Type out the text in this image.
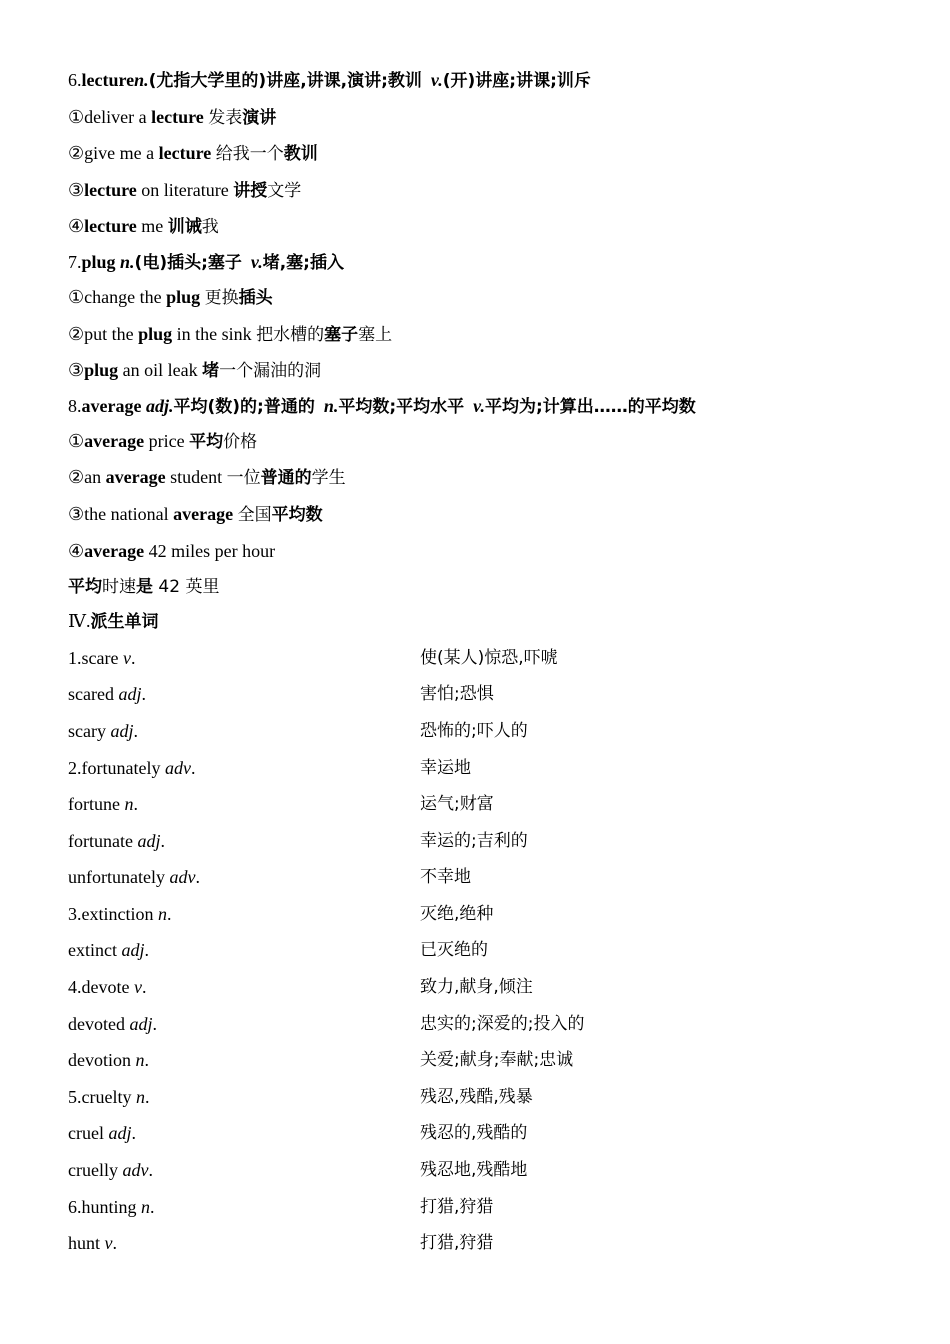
6.lecturen.(尤指大学里的)讲座,讲课,演讲;教训 v.(开)讲座;讲课;训斥
①deliver a lecture 发表演讲
②give me a lecture 给我一个教训
③lecture on literature 讲授文学
④lecture me 训诫我
7.plug n.(电)插头;塞子 v.堵,塞;插入
①change the plug 更换插头
②put the plug in the sink 把水槽的塞子塞上
③plug an oil leak 堵一个漏油的洞
8.average adj.平均(数)的;普通的 n.平均数;平均水平 v.平均为;计算出……的平均数
①average price 平均价格
②an average student 一位普通的学生
③the national average 全国平均数
④average 42 miles per hour
平均时速是 42 英里
Ⅳ.派生单词
1.scare v.	使(某人)惊恐,吓唬
scared adj.	害怕;恐惧
scary adj.	恐怖的;吓人的
2.fortunately adv.	幸运地
fortune n.	运气;财富
fortunate adj.	幸运的;吉利的
unfortunately adv.	不幸地
3.extinction n.	灭绝,绝种
extinct adj.	已灭绝的
4.devote v.	致力,献身,倾注
devoted adj.	忠实的;深爱的;投入的
devotion n.	关爱;献身;奉献;忠诚
5.cruelty n.	残忍,残酷,残暴
cruel adj.	残忍的,残酷的
cruelly adv.	残忍地,残酷地
6.hunting n.	打猎,狩猎
hunt v.	打猎,狩猎
